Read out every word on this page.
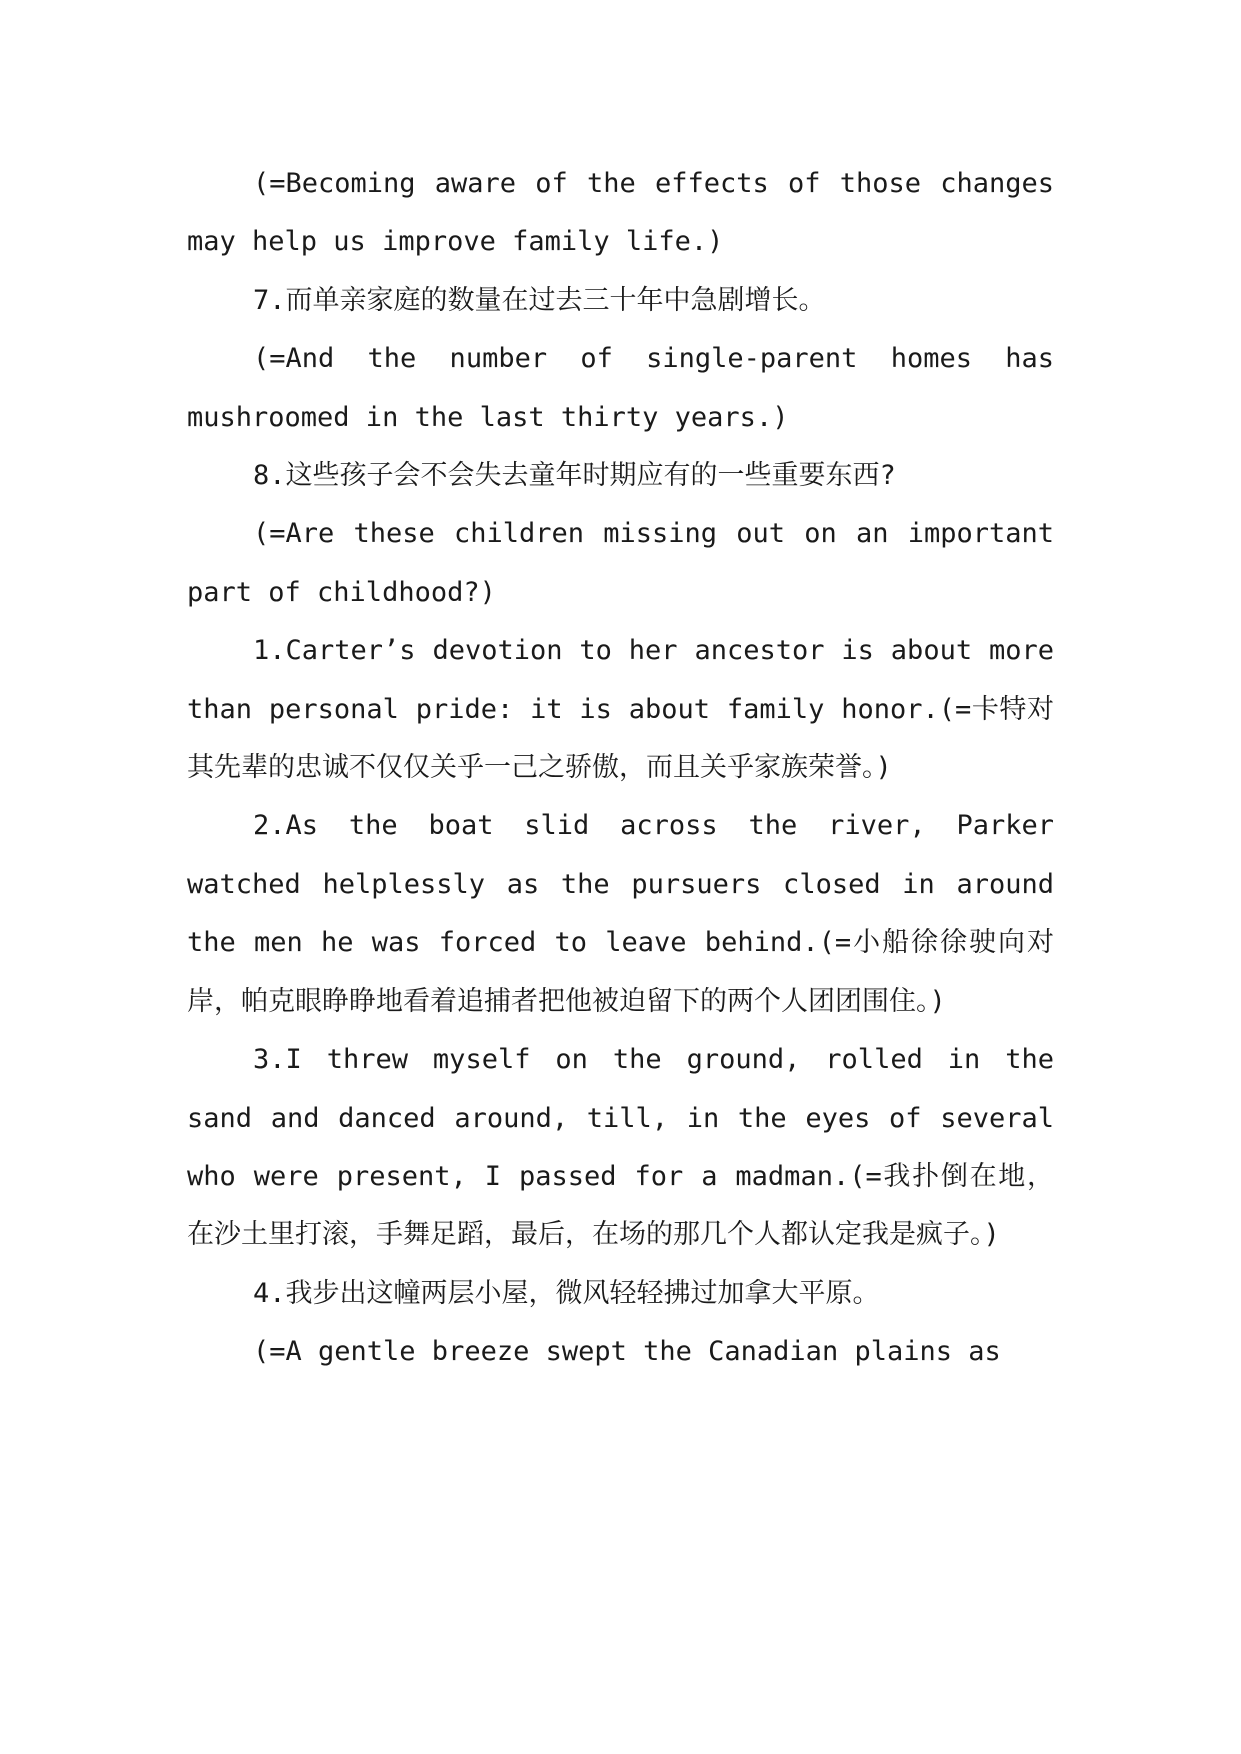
(=Becoming aware of the effects of those changes may help us improve family life.)

7.而单亲家庭的数量在过去三十年中急剧增长。

(=And the number of single-parent homes has mushroomed in the last thirty years.)

8.这些孩子会不会失去童年时期应有的一些重要东西?

(=Are these children missing out on an important part of childhood?)

1.Carter’s devotion to her ancestor is about more than personal pride: it is about family honor.(=卡特对其先辈的忠诚不仅仅关乎一己之骄傲，而且关乎家族荣誉。)

2.As the boat slid across the river, Parker watched helplessly as the pursuers closed in around the men he was forced to leave behind.(=小船徐徐驶向对岸，帕克眼睁睁地看着追捕者把他被迫留下的两个人团团围住。)

3.I threw myself on the ground, rolled in the sand and danced around, till, in the eyes of several who were present, I passed for a madman.(=我扑倒在地，在沙土里打滚，手舞足蹈，最后，在场的那几个人都认定我是疯子。)

4.我步出这幢两层小屋，微风轻轻拂过加拿大平原。

(=A gentle breeze swept the Canadian plains as
